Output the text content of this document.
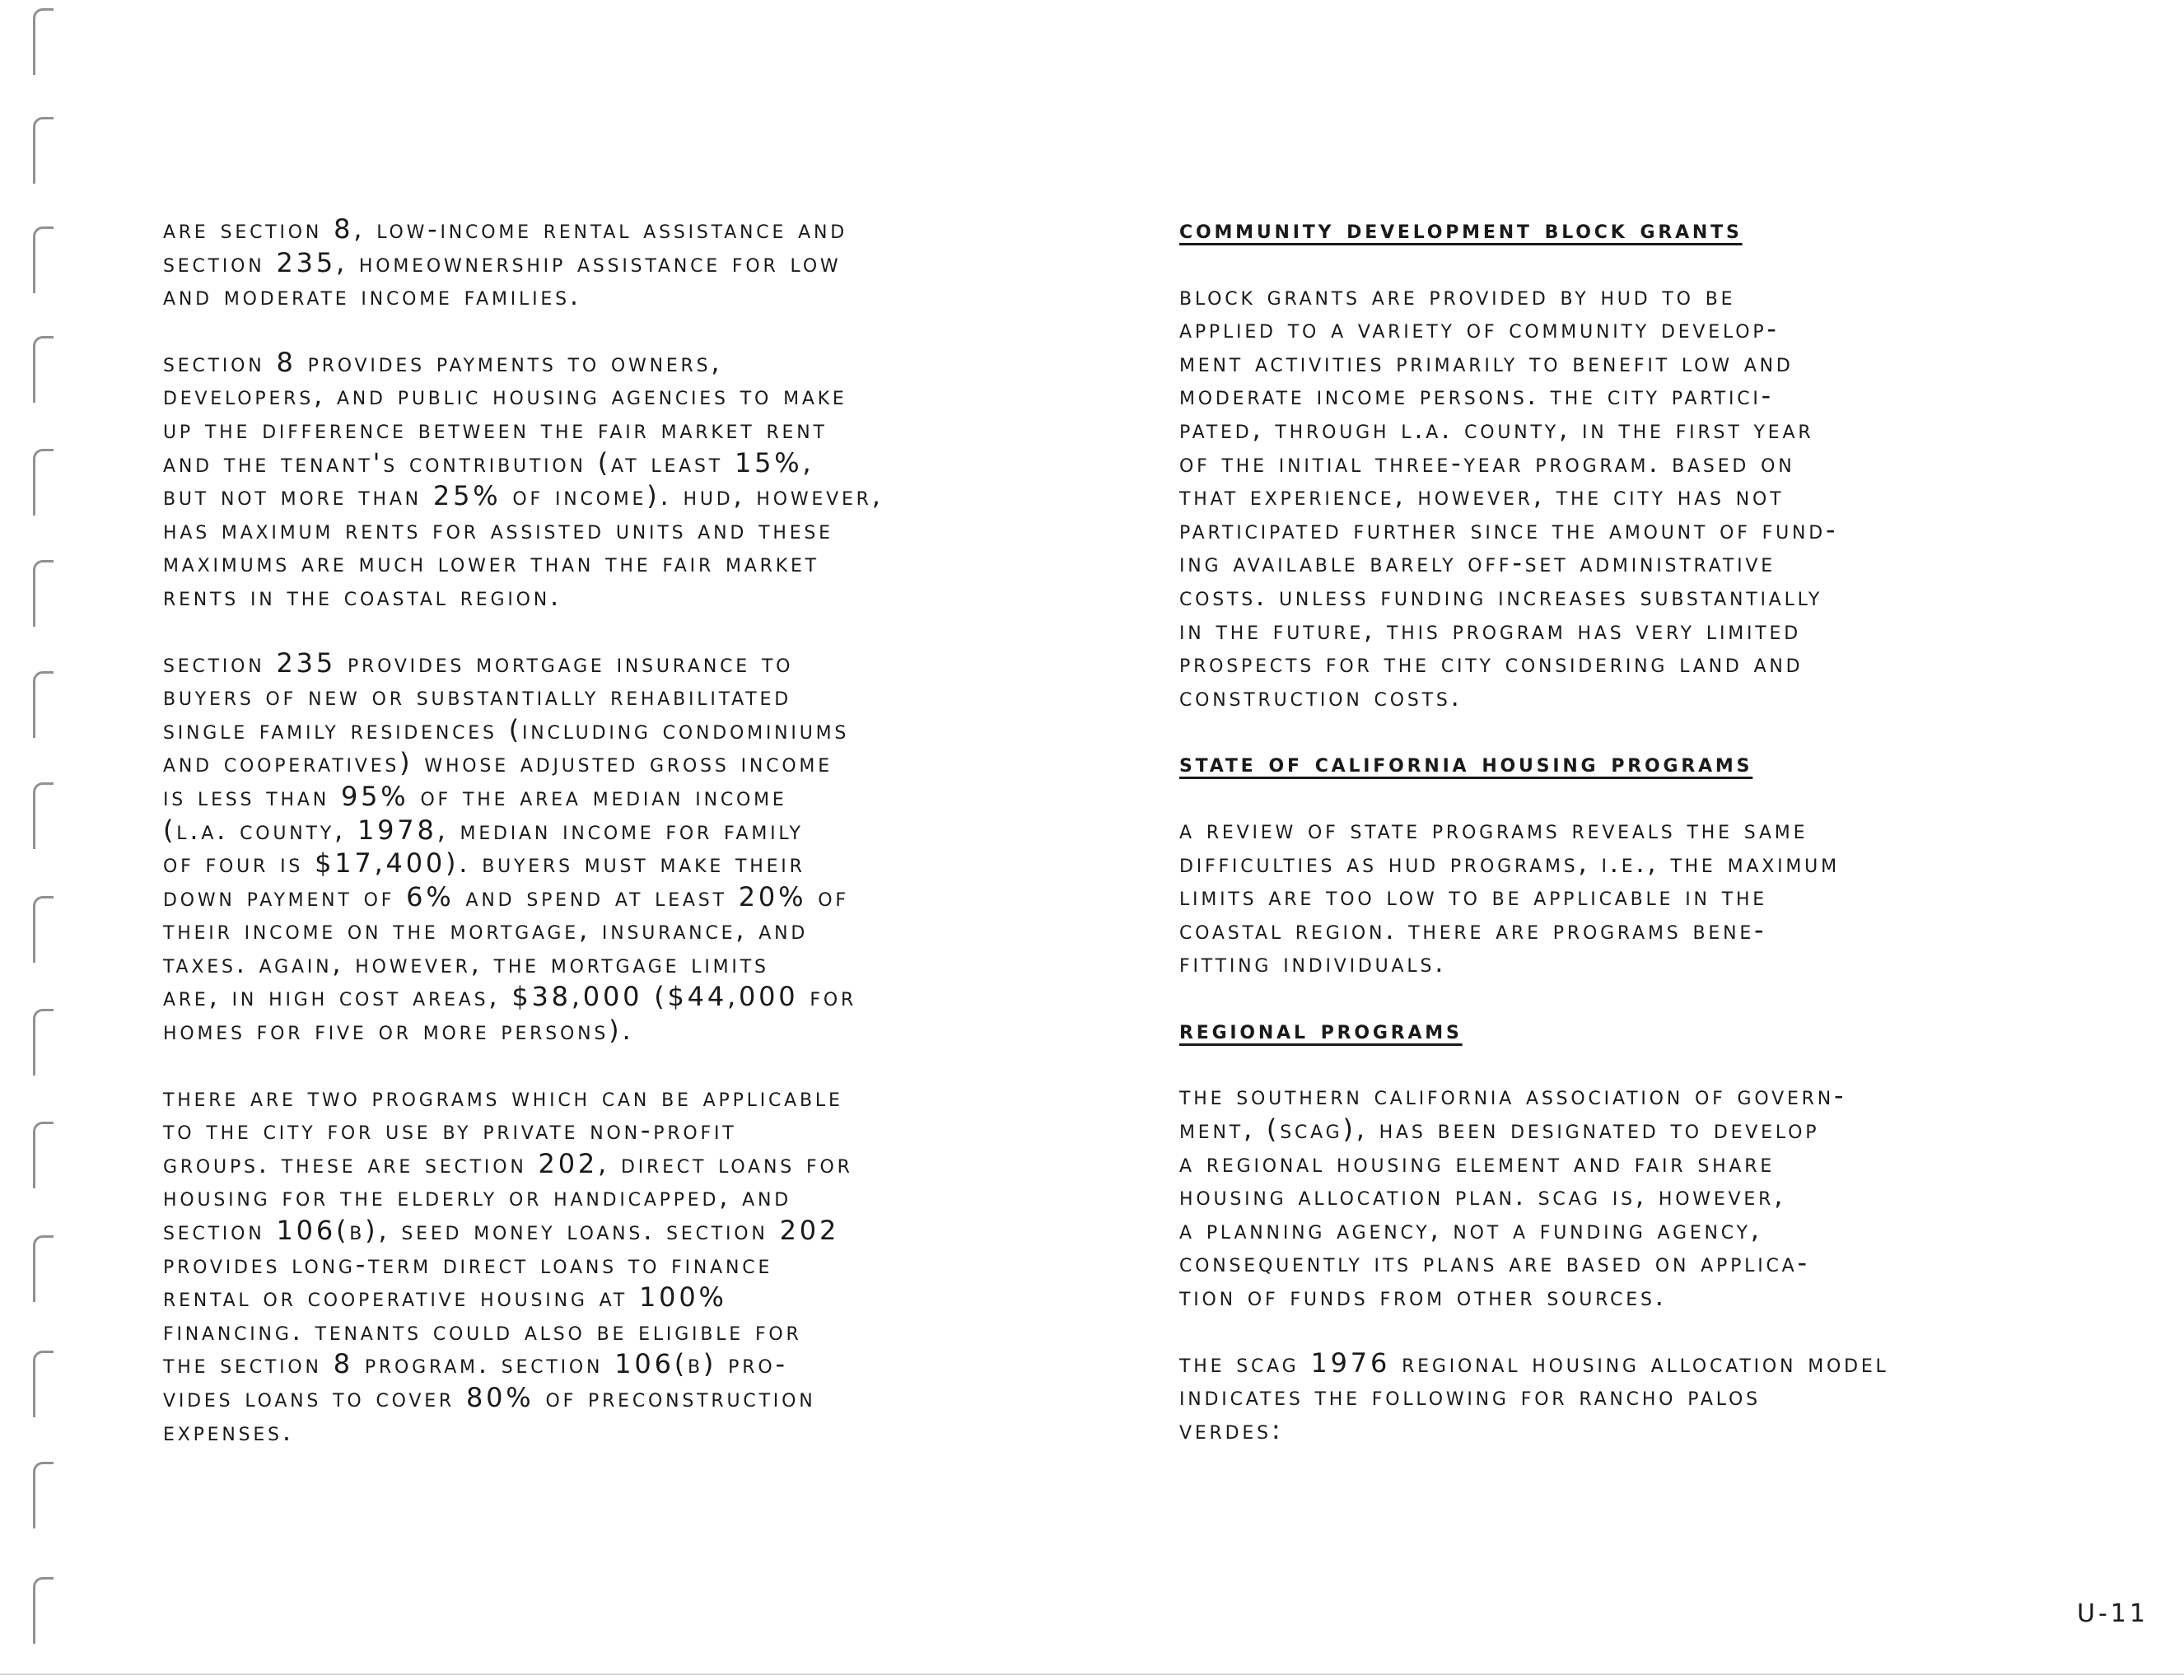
are section 8, low-income rental assistance and
section 235, homeownership assistance for low
and moderate income families.

section 8 provides payments to owners,
developers, and public housing agencies to make
up the difference between the fair market rent
and the tenant's contribution (at least 15%,
but not more than 25% of income). hud, however,
has maximum rents for assisted units and these
maximums are much lower than the fair market
rents in the coastal region.

section 235 provides mortgage insurance to
buyers of new or substantially rehabilitated
single family residences (including condominiums
and cooperatives) whose adjusted gross income
is less than 95% of the area median income
(l.a. county, 1978, median income for family
of four is $17,400). buyers must make their
down payment of 6% and spend at least 20% of
their income on the mortgage, insurance, and
taxes. again, however, the mortgage limits
are, in high cost areas, $38,000 ($44,000 for
homes for five or more persons).

there are two programs which can be applicable
to the city for use by private non-profit
groups. these are section 202, direct loans for
housing for the elderly or handicapped, and
section 106(b), seed money loans. section 202
provides long-term direct loans to finance
rental or cooperative housing at 100%
financing. tenants could also be eligible for
the section 8 program. section 106(b) pro-
vides loans to cover 80% of preconstruction
expenses.

community development block grants

block grants are provided by hud to be
applied to a variety of community develop-
ment activities primarily to benefit low and
moderate income persons. the city partici-
pated, through l.a. county, in the first year
of the initial three-year program. based on
that experience, however, the city has not
participated further since the amount of fund-
ing available barely off-set administrative
costs. unless funding increases substantially
in the future, this program has very limited
prospects for the city considering land and
construction costs.

state of california housing programs

a review of state programs reveals the same
difficulties as hud programs, i.e., the maximum
limits are too low to be applicable in the
coastal region. there are programs bene-
fitting individuals.

regional programs

the southern california association of govern-
ment, (scag), has been designated to develop
a regional housing element and fair share
housing allocation plan. scag is, however,
a planning agency, not a funding agency,
consequently its plans are based on applica-
tion of funds from other sources.

the scag 1976 regional housing allocation model
indicates the following for rancho palos
verdes:

U-11
